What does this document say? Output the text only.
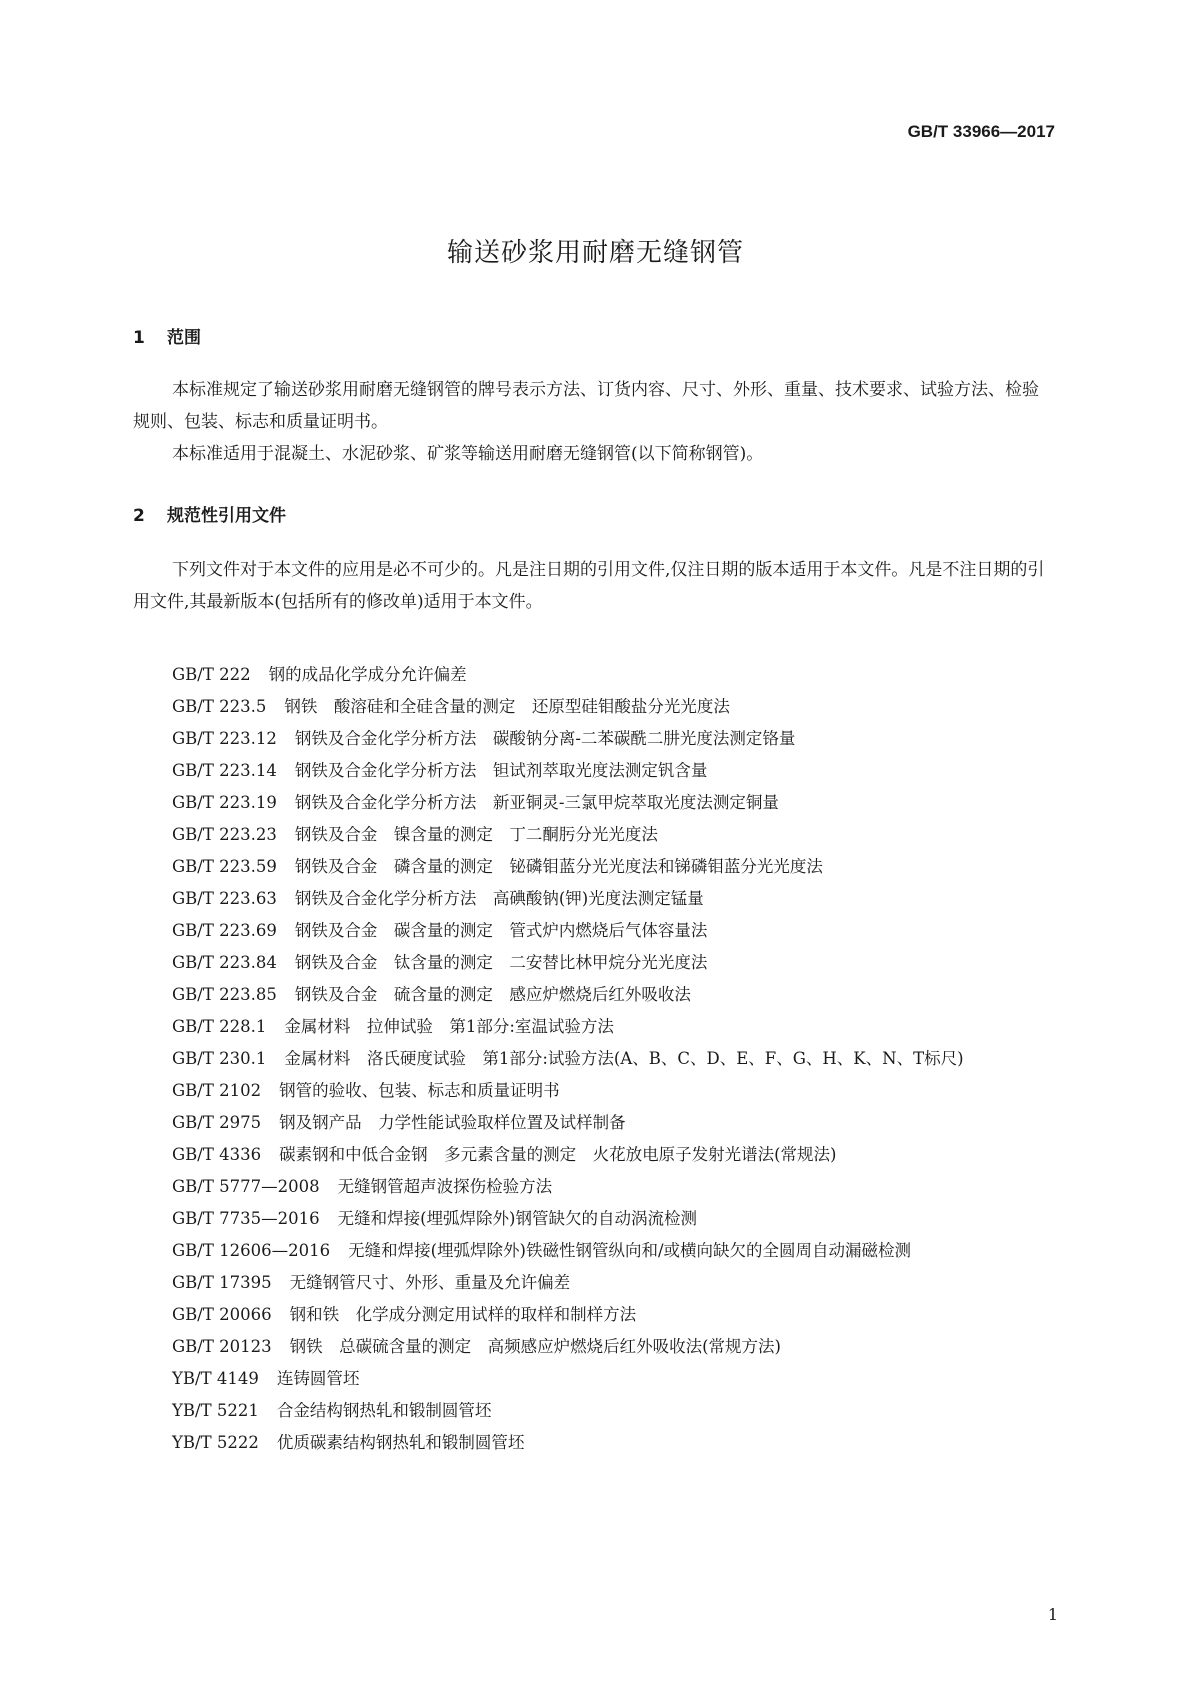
GB/T 33966—2017
输送砂浆用耐磨无缝钢管
1 范围

本标准规定了输送砂浆用耐磨无缝钢管的牌号表示方法、订货内容、尺寸、外形、重量、技术要求、试验方法、检验规则、包装、标志和质量证明书。

本标准适用于混凝土、水泥砂浆、矿浆等输送用耐磨无缝钢管(以下简称钢管)。

2 规范性引用文件

下列文件对于本文件的应用是必不可少的。凡是注日期的引用文件,仅注日期的版本适用于本文件。凡是不注日期的引用文件,其最新版本(包括所有的修改单)适用于本文件。

GB/T 222 钢的成品化学成分允许偏差
GB/T 223.5 钢铁　酸溶硅和全硅含量的测定　还原型硅钼酸盐分光光度法
GB/T 223.12 钢铁及合金化学分析方法　碳酸钠分离-二苯碳酰二肼光度法测定铬量
GB/T 223.14 钢铁及合金化学分析方法　钽试剂萃取光度法测定钒含量
GB/T 223.19 钢铁及合金化学分析方法　新亚铜灵-三氯甲烷萃取光度法测定铜量
GB/T 223.23 钢铁及合金　镍含量的测定　丁二酮肟分光光度法
GB/T 223.59 钢铁及合金　磷含量的测定　铋磷钼蓝分光光度法和锑磷钼蓝分光光度法
GB/T 223.63 钢铁及合金化学分析方法　高碘酸钠(钾)光度法测定锰量
GB/T 223.69 钢铁及合金　碳含量的测定　管式炉内燃烧后气体容量法
GB/T 223.84 钢铁及合金　钛含量的测定　二安替比林甲烷分光光度法
GB/T 223.85 钢铁及合金　硫含量的测定　感应炉燃烧后红外吸收法
GB/T 228.1 金属材料　拉伸试验　第1部分:室温试验方法
GB/T 230.1 金属材料　洛氏硬度试验　第1部分:试验方法(A、B、C、D、E、F、G、H、K、N、T标尺)
GB/T 2102 钢管的验收、包装、标志和质量证明书
GB/T 2975 钢及钢产品　力学性能试验取样位置及试样制备
GB/T 4336 碳素钢和中低合金钢　多元素含量的测定　火花放电原子发射光谱法(常规法)
GB/T 5777—2008 无缝钢管超声波探伤检验方法
GB/T 7735—2016 无缝和焊接(埋弧焊除外)钢管缺欠的自动涡流检测
GB/T 12606—2016 无缝和焊接(埋弧焊除外)铁磁性钢管纵向和/或横向缺欠的全圆周自动漏磁检测
GB/T 17395 无缝钢管尺寸、外形、重量及允许偏差
GB/T 20066 钢和铁　化学成分测定用试样的取样和制样方法
GB/T 20123 钢铁　总碳硫含量的测定　高频感应炉燃烧后红外吸收法(常规方法)
YB/T 4149 连铸圆管坯
YB/T 5221 合金结构钢热轧和锻制圆管坯
YB/T 5222 优质碳素结构钢热轧和锻制圆管坯
1
